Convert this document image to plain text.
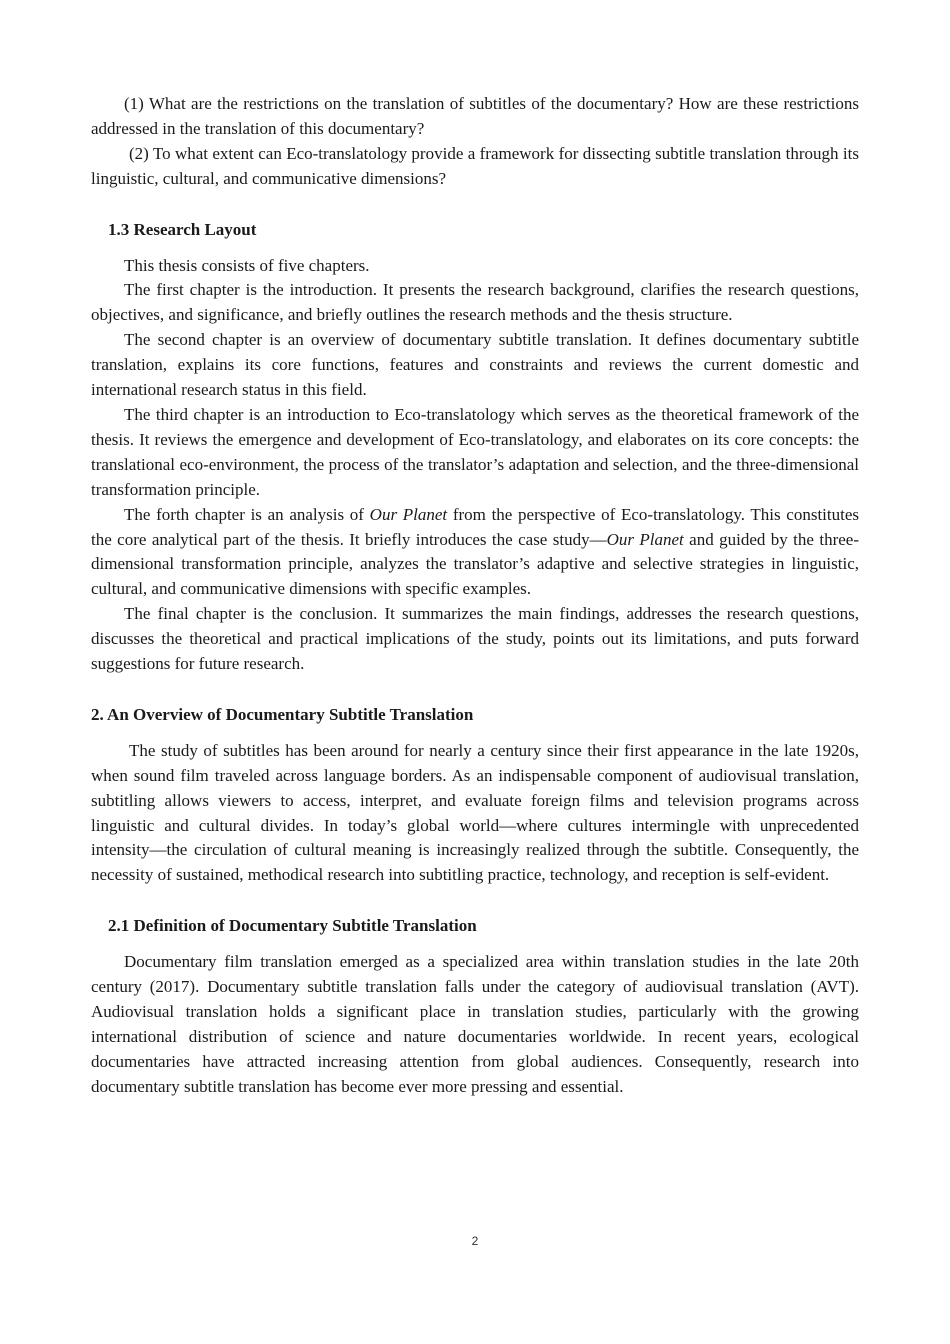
(1) What are the restrictions on the translation of subtitles of the documentary? How are these restrictions addressed in the translation of this documentary?

(2) To what extent can Eco-translatology provide a framework for dissecting subtitle translation through its linguistic, cultural, and communicative dimensions?

1.3 Research Layout

This thesis consists of five chapters.

The first chapter is the introduction. It presents the research background, clarifies the research questions, objectives, and significance, and briefly outlines the research methods and the thesis structure.

The second chapter is an overview of documentary subtitle translation. It defines documentary subtitle translation, explains its core functions, features and constraints and reviews the current domestic and international research status in this field.

The third chapter is an introduction to Eco-translatology which serves as the theoretical framework of the thesis. It reviews the emergence and development of Eco-translatology, and elaborates on its core concepts: the translational eco-environment, the process of the translator’s adaptation and selection, and the three-dimensional transformation principle.

The forth chapter is an analysis of Our Planet from the perspective of Eco-translatology. This constitutes the core analytical part of the thesis. It briefly introduces the case study—Our Planet and guided by the three-dimensional transformation principle, analyzes the translator’s adaptive and selective strategies in linguistic, cultural, and communicative dimensions with specific examples.

The final chapter is the conclusion. It summarizes the main findings, addresses the research questions, discusses the theoretical and practical implications of the study, points out its limitations, and puts forward suggestions for future research.

2. An Overview of Documentary Subtitle Translation

The study of subtitles has been around for nearly a century since their first appearance in the late 1920s, when sound film traveled across language borders. As an indispensable component of audiovisual translation, subtitling allows viewers to access, interpret, and evaluate foreign films and television programs across linguistic and cultural divides. In today’s global world—where cultures intermingle with unprecedented intensity—the circulation of cultural meaning is increasingly realized through the subtitle. Consequently, the necessity of sustained, methodical research into subtitling practice, technology, and reception is self-evident.

2.1 Definition of Documentary Subtitle Translation

Documentary film translation emerged as a specialized area within translation studies in the late 20th century (2017). Documentary subtitle translation falls under the category of audiovisual translation (AVT). Audiovisual translation holds a significant place in translation studies, particularly with the growing international distribution of science and nature documentaries worldwide. In recent years, ecological documentaries have attracted increasing attention from global audiences. Consequently, research into documentary subtitle translation has become ever more pressing and essential.

2
